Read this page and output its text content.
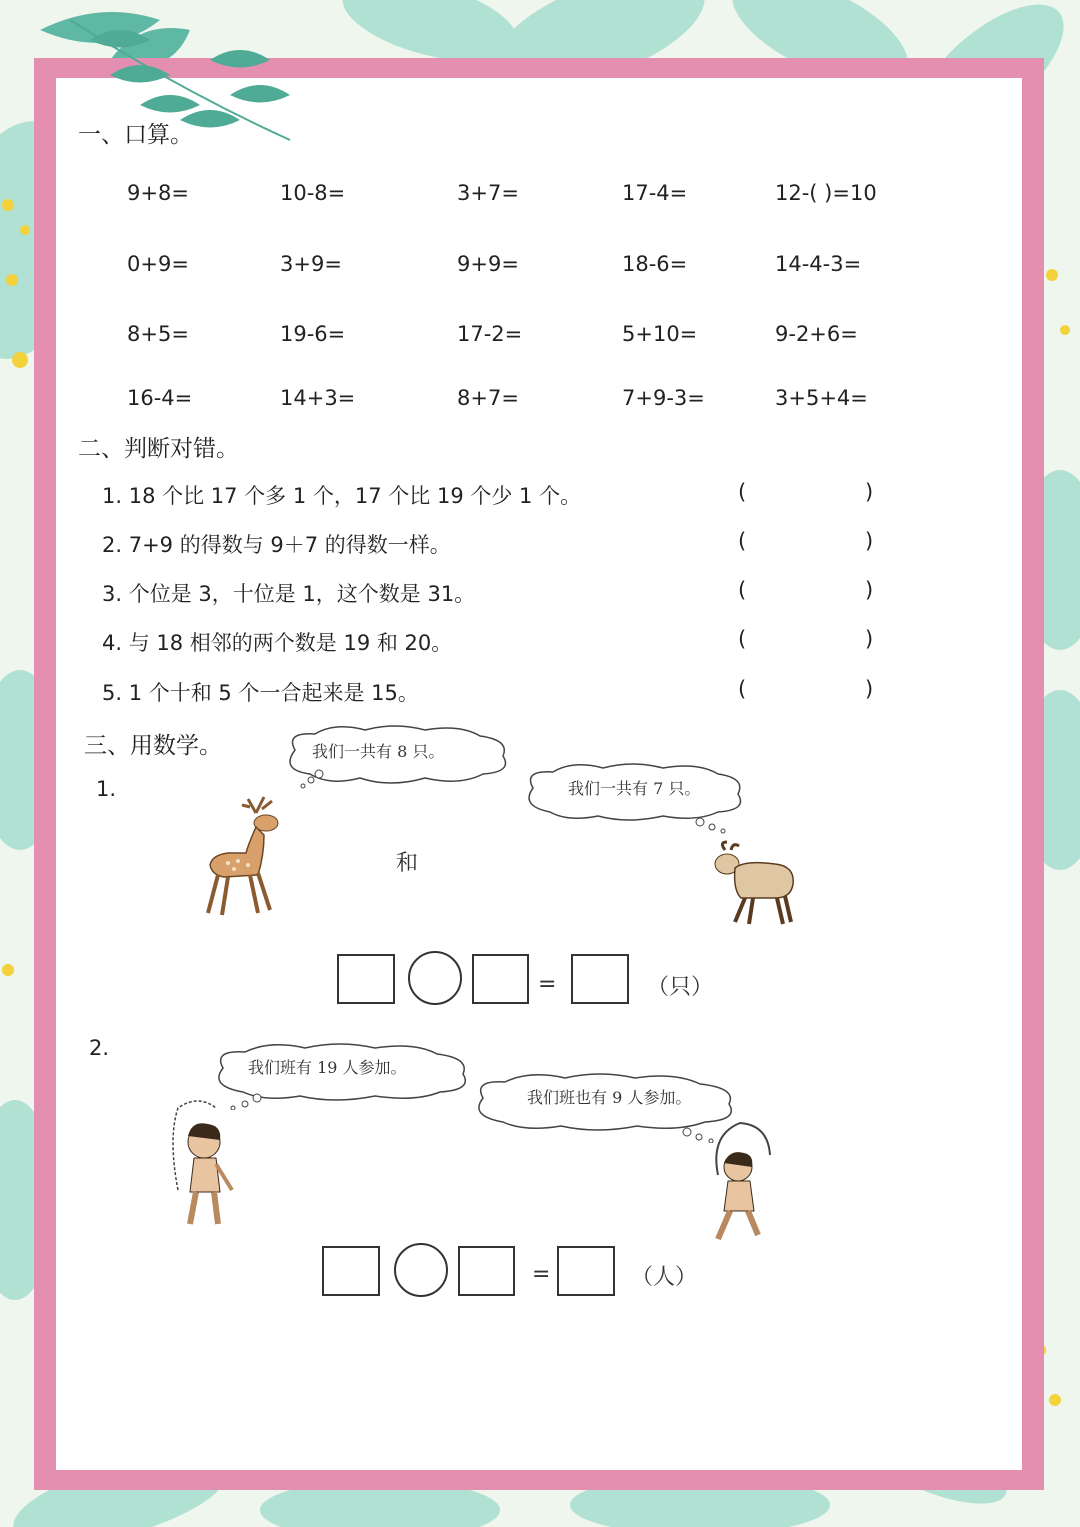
一、口算。
9+8=	10-8=	3+7=	17-4=	12-( )=10
0+9=	3+9=	9+9=	18-6=	14-4-3=
8+5=	19-6=	17-2=	5+10=	9-2+6=
16-4=	14+3=	8+7=	7+9-3=	3+5+4=
二、判断对错。
1. 18 个比 17 个多 1 个，17 个比 19 个少 1 个。	(	)
2. 7+9 的得数与 9＋7 的得数一样。	(	)
3. 个位是 3，十位是 1，这个数是 31。	(	)
4. 与 18 相邻的两个数是 19 和 20。	(	)
5. 1 个十和 5 个一合起来是 15。	(	)
三、用数学。
1.
我们一共有 8 只。
我们一共有 7 只。
和
=	（只）
2.
我们班有 19 人参加。
我们班也有 9 人参加。
=	（人）
